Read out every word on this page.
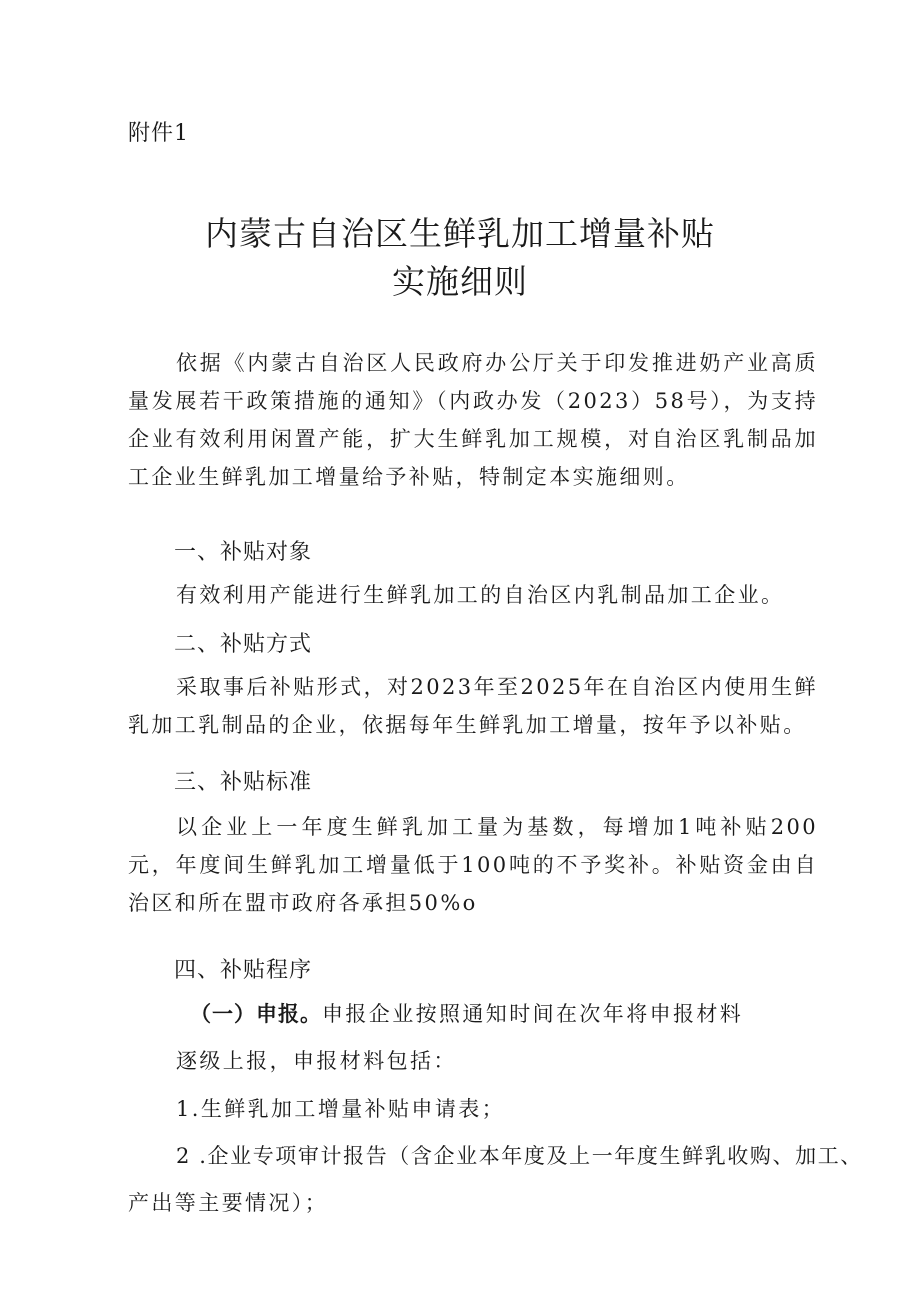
附件1
内蒙古自治区生鲜乳加工增量补贴
实施细则

依据《内蒙古自治区人民政府办公厅关于印发推进奶产业高质量发展若干政策措施的通知》（内政办发（2023）58号），为支持企业有效利用闲置产能，扩大生鲜乳加工规模，对自治区乳制品加工企业生鲜乳加工增量给予补贴，特制定本实施细则。

一、补贴对象

有效利用产能进行生鲜乳加工的自治区内乳制品加工企业。

二、补贴方式

采取事后补贴形式，对2023年至2025年在自治区内使用生鲜乳加工乳制品的企业，依据每年生鲜乳加工增量，按年予以补贴。

三、补贴标准

以企业上一年度生鲜乳加工量为基数，每增加1吨补贴200元，年度间生鲜乳加工增量低于100吨的不予奖补。补贴资金由自治区和所在盟市政府各承担50%o

四、补贴程序
（一）申报。申报企业按照通知时间在次年将申报材料
逐级上报，申报材料包括：
1.生鲜乳加工增量补贴申请表；
2 .企业专项审计报告（含企业本年度及上一年度生鲜乳收购、加工、
产出等主要情况）；
